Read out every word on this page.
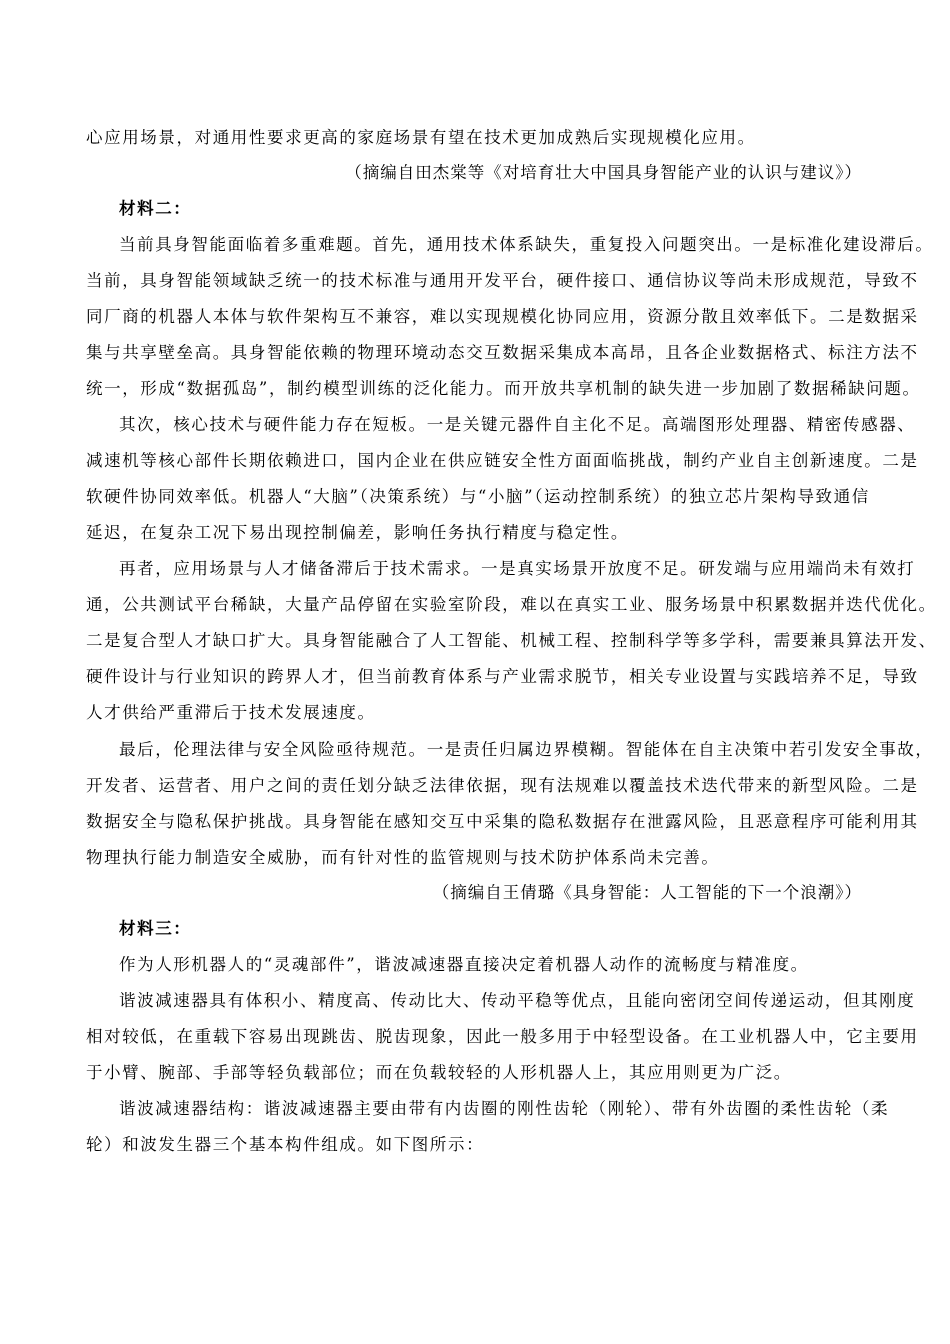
心应用场景，对通用性要求更高的家庭场景有望在技术更加成熟后实现规模化应用。
（摘编自田杰棠等《对培育壮大中国具身智能产业的认识与建议》）
材料二：
当前具身智能面临着多重难题。首先，通用技术体系缺失，重复投入问题突出。一是标准化建设滞后。
当前，具身智能领域缺乏统一的技术标准与通用开发平台，硬件接口、通信协议等尚未形成规范，导致不
同厂商的机器人本体与软件架构互不兼容，难以实现规模化协同应用，资源分散且效率低下。二是数据采
集与共享壁垒高。具身智能依赖的物理环境动态交互数据采集成本高昂，且各企业数据格式、标注方法不
统一，形成“数据孤岛”，制约模型训练的泛化能力。而开放共享机制的缺失进一步加剧了数据稀缺问题。
其次，核心技术与硬件能力存在短板。一是关键元器件自主化不足。高端图形处理器、精密传感器、
减速机等核心部件长期依赖进口，国内企业在供应链安全性方面面临挑战，制约产业自主创新速度。二是
软硬件协同效率低。机器人“大脑”（决策系统）与“小脑”（运动控制系统）的独立芯片架构导致通信
延迟，在复杂工况下易出现控制偏差，影响任务执行精度与稳定性。
再者，应用场景与人才储备滞后于技术需求。一是真实场景开放度不足。研发端与应用端尚未有效打
通，公共测试平台稀缺，大量产品停留在实验室阶段，难以在真实工业、服务场景中积累数据并迭代优化。
二是复合型人才缺口扩大。具身智能融合了人工智能、机械工程、控制科学等多学科，需要兼具算法开发、
硬件设计与行业知识的跨界人才，但当前教育体系与产业需求脱节，相关专业设置与实践培养不足，导致
人才供给严重滞后于技术发展速度。
最后，伦理法律与安全风险亟待规范。一是责任归属边界模糊。智能体在自主决策中若引发安全事故，
开发者、运营者、用户之间的责任划分缺乏法律依据，现有法规难以覆盖技术迭代带来的新型风险。二是
数据安全与隐私保护挑战。具身智能在感知交互中采集的隐私数据存在泄露风险，且恶意程序可能利用其
物理执行能力制造安全威胁，而有针对性的监管规则与技术防护体系尚未完善。
（摘编自王倩璐《具身智能：人工智能的下一个浪潮》）
材料三：
作为人形机器人的“灵魂部件”，谐波减速器直接决定着机器人动作的流畅度与精准度。
谐波减速器具有体积小、精度高、传动比大、传动平稳等优点，且能向密闭空间传递运动，但其刚度
相对较低，在重载下容易出现跳齿、脱齿现象，因此一般多用于中轻型设备。在工业机器人中，它主要用
于小臂、腕部、手部等轻负载部位；而在负载较轻的人形机器人上，其应用则更为广泛。
谐波减速器结构：谐波减速器主要由带有内齿圈的刚性齿轮（刚轮）、带有外齿圈的柔性齿轮（柔
轮）和波发生器三个基本构件组成。如下图所示：
